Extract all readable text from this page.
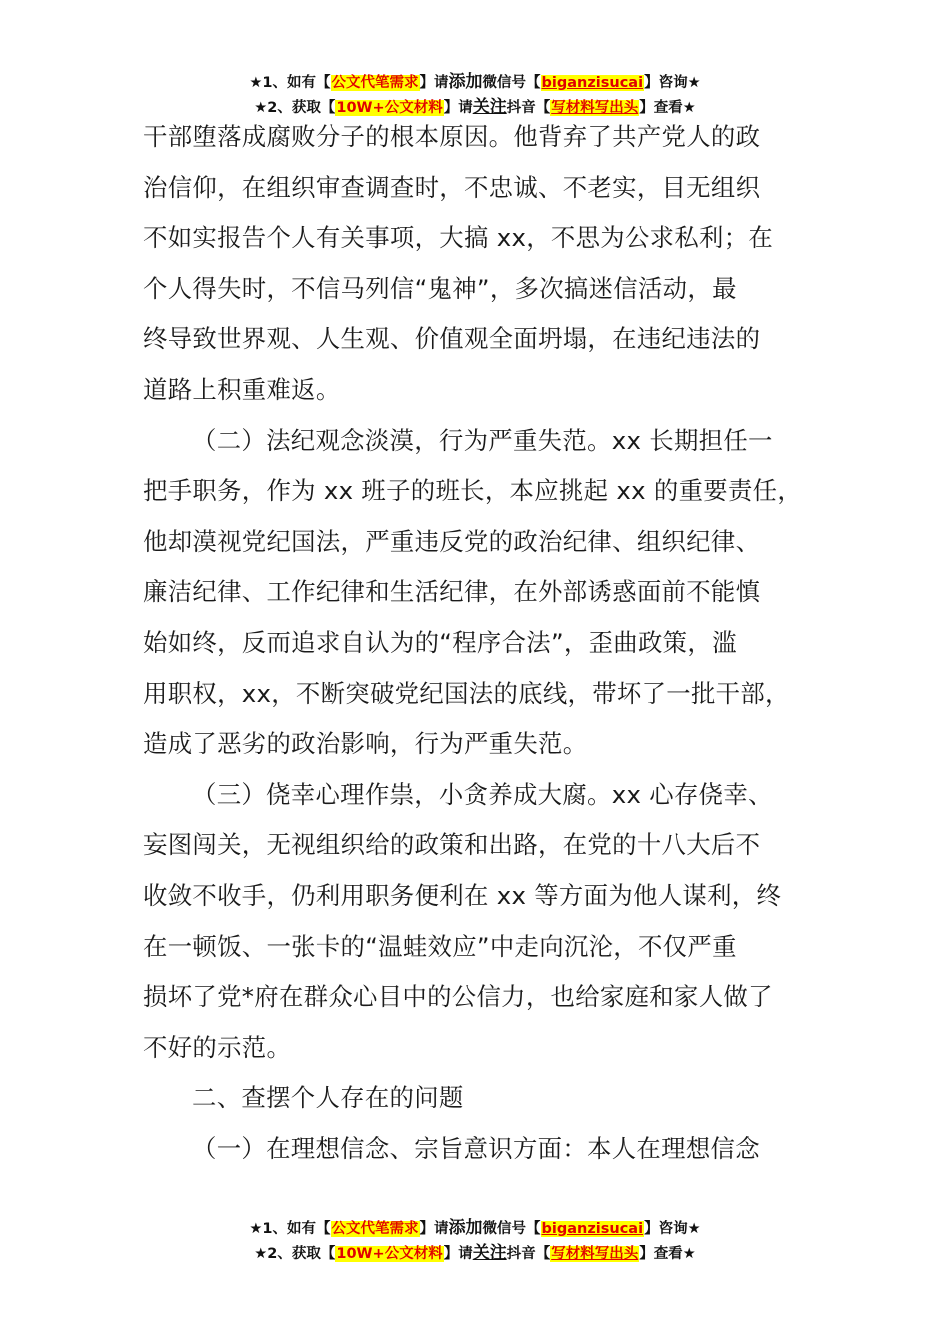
★1、如有【公文代笔需求】请添加微信号【biganzisucai】咨询★
★2、获取【10W+公文材料】请关注抖音【写材料写出头】查看★

干部堕落成腐败分子的根本原因。他背弃了共产党人的政
治信仰，在组织审查调查时，不忠诚、不老实，目无组织
不如实报告个人有关事项，大搞 xx，不思为公求私利；在
个人得失时，不信马列信“鬼神”，多次搞迷信活动，最
终导致世界观、人生观、价值观全面坍塌，在违纪违法的
道路上积重难返。

（二）法纪观念淡漠，行为严重失范。xx 长期担任一
把手职务，作为 xx 班子的班长，本应挑起 xx 的重要责任，
他却漠视党纪国法，严重违反党的政治纪律、组织纪律、
廉洁纪律、工作纪律和生活纪律，在外部诱惑面前不能慎
始如终，反而追求自认为的“程序合法”，歪曲政策，滥
用职权，xx，不断突破党纪国法的底线，带坏了一批干部，
造成了恶劣的政治影响，行为严重失范。

（三）侥幸心理作祟，小贪养成大腐。xx 心存侥幸、
妄图闯关，无视组织给的政策和出路，在党的十八大后不
收敛不收手，仍利用职务便利在 xx 等方面为他人谋利，终
在一顿饭、一张卡的“温蛙效应”中走向沉沦，不仅严重
损坏了党*府在群众心目中的公信力，也给家庭和家人做了
不好的示范。

二、查摆个人存在的问题

（一）在理想信念、宗旨意识方面：本人在理想信念

★1、如有【公文代笔需求】请添加微信号【biganzisucai】咨询★
★2、获取【10W+公文材料】请关注抖音【写材料写出头】查看★
